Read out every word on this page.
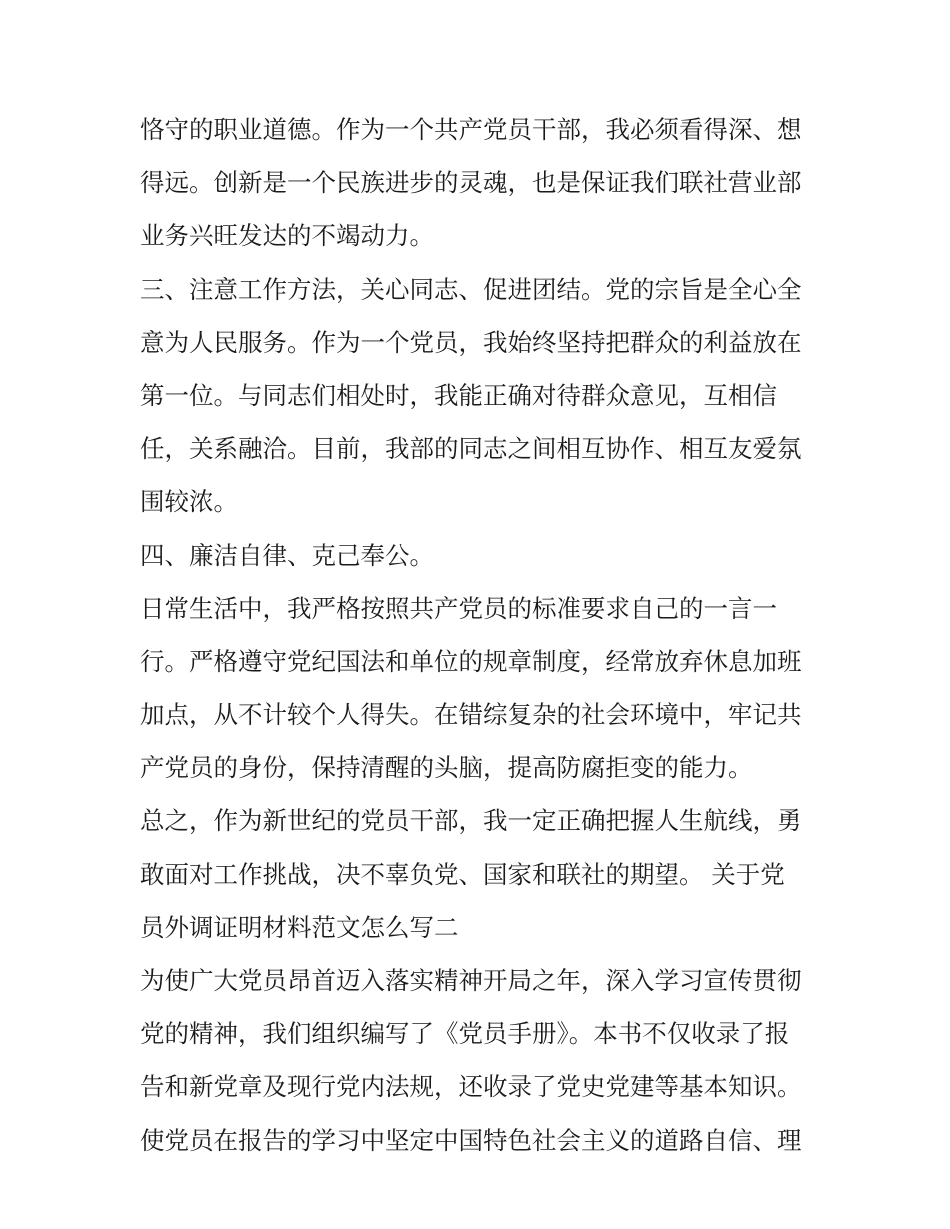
恪守的职业道德。作为一个共产党员干部，我必须看得深、想
得远。创新是一个民族进步的灵魂，也是保证我们联社营业部
业务兴旺发达的不竭动力。
三、注意工作方法，关心同志、促进团结。党的宗旨是全心全
意为人民服务。作为一个党员，我始终坚持把群众的利益放在
第一位。与同志们相处时，我能正确对待群众意见，互相信
任，关系融洽。目前，我部的同志之间相互协作、相互友爱氛
围较浓。
四、廉洁自律、克己奉公。
日常生活中，我严格按照共产党员的标准要求自己的一言一
行。严格遵守党纪国法和单位的规章制度，经常放弃休息加班
加点，从不计较个人得失。在错综复杂的社会环境中，牢记共
产党员的身份，保持清醒的头脑，提高防腐拒变的能力。
总之，作为新世纪的党员干部，我一定正确把握人生航线，勇
敢面对工作挑战，决不辜负党、国家和联社的期望。 关于党
员外调证明材料范文怎么写二
为使广大党员昂首迈入落实精神开局之年，深入学习宣传贯彻
党的精神，我们组织编写了《党员手册》。本书不仅收录了报
告和新党章及现行党内法规，还收录了党史党建等基本知识。
使党员在报告的学习中坚定中国特色社会主义的道路自信、理
